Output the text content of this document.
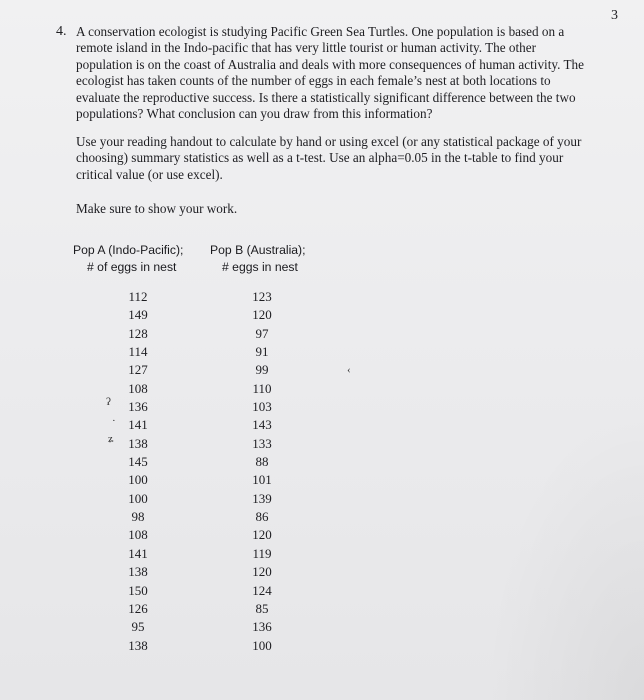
3
4. A conservation ecologist is studying Pacific Green Sea Turtles. One population is based on a remote island in the Indo-pacific that has very little tourist or human activity. The other population is on the coast of Australia and deals with more consequences of human activity. The ecologist has taken counts of the number of eggs in each female’s nest at both locations to evaluate the reproductive success. Is there a statistically significant difference between the two populations? What conclusion can you draw from this information?

Use your reading handout to calculate by hand or using excel (or any statistical package of your choosing) summary statistics as well as a t-test. Use an alpha=0.05 in the t-table to find your critical value (or use excel).

Make sure to show your work.

Pop A (Indo-Pacific);
# of eggs in nest
Pop B (Australia);
# eggs in nest
112
149
128
114
127
108
136
141
138
145
100
100
98
108
141
138
150
126
95
138
123
120
97
91
99
110
103
143
133
88
101
139
86
120
119
120
124
85
136
100
ʔ
·
ʑ
‹
